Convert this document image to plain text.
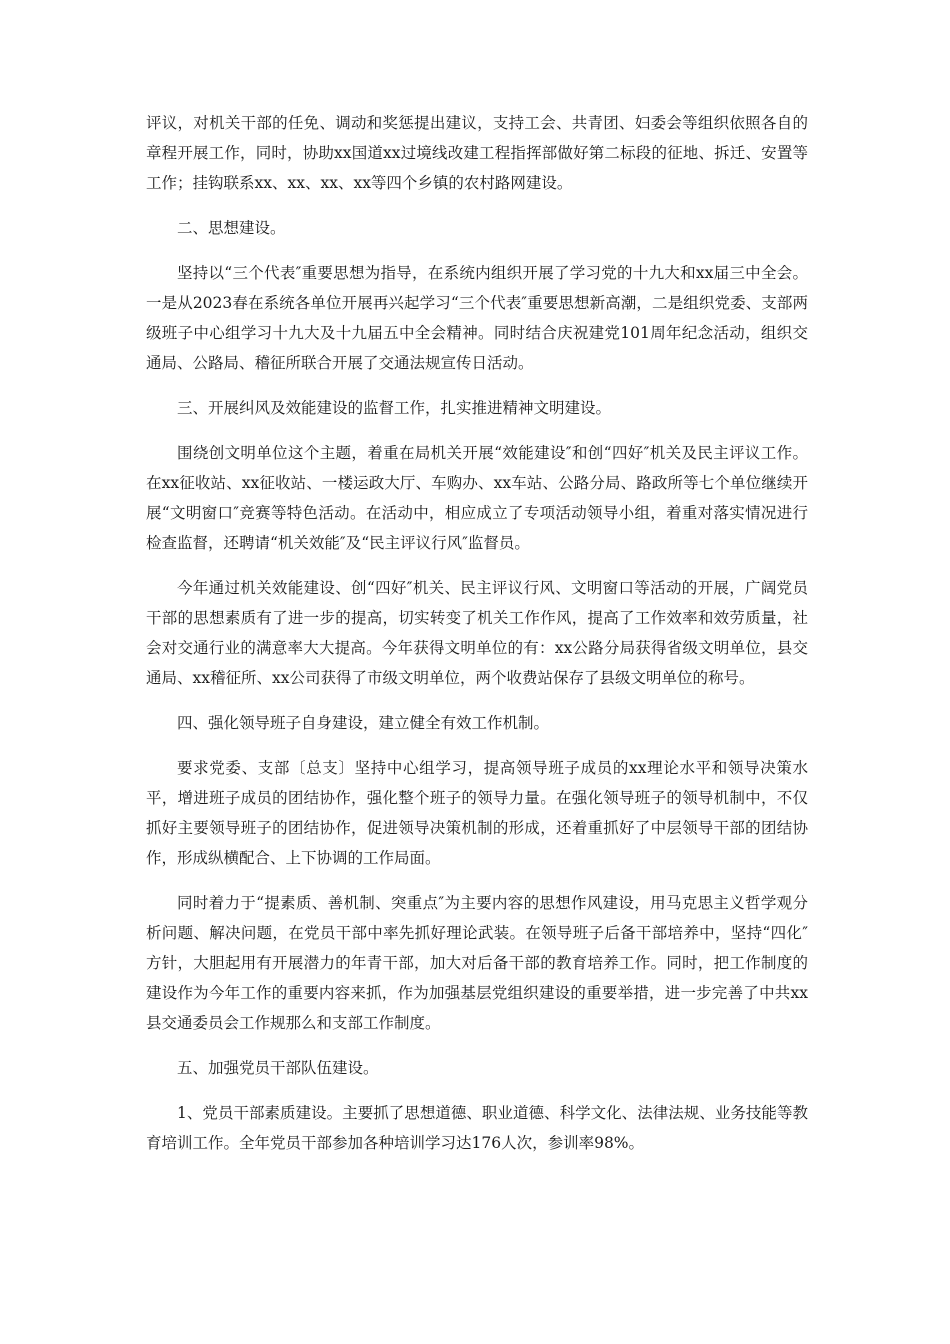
评议，对机关干部的任免、调动和奖惩提出建议，支持工会、共青团、妇委会等组织依照各自的章程开展工作，同时，协助xx国道xx过境线改建工程指挥部做好第二标段的征地、拆迁、安置等工作；挂钩联系xx、xx、xx、xx等四个乡镇的农村路网建设。

二、思想建设。

坚持以“三个代表″重要思想为指导，在系统内组织开展了学习党的十九大和xx届三中全会。一是从2023春在系统各单位开展再兴起学习“三个代表″重要思想新高潮，二是组织党委、支部两级班子中心组学习十九大及十九届五中全会精神。同时结合庆祝建党101周年纪念活动，组织交通局、公路局、稽征所联合开展了交通法规宣传日活动。

三、开展纠风及效能建设的监督工作，扎实推进精神文明建设。

围绕创文明单位这个主题，着重在局机关开展“效能建设″和创“四好″机关及民主评议工作。在xx征收站、xx征收站、一楼运政大厅、车购办、xx车站、公路分局、路政所等七个单位继续开展“文明窗口″竞赛等特色活动。在活动中，相应成立了专项活动领导小组，着重对落实情况进行检查监督，还聘请“机关效能″及“民主评议行风″监督员。

今年通过机关效能建设、创“四好″机关、民主评议行风、文明窗口等活动的开展，广阔党员干部的思想素质有了进一步的提高，切实转变了机关工作作风，提高了工作效率和效劳质量，社会对交通行业的满意率大大提高。今年获得文明单位的有：xx公路分局获得省级文明单位，县交通局、xx稽征所、xx公司获得了市级文明单位，两个收费站保存了县级文明单位的称号。

四、强化领导班子自身建设，建立健全有效工作机制。

要求党委、支部〔总支〕坚持中心组学习，提高领导班子成员的xx理论水平和领导决策水平，增进班子成员的团结协作，强化整个班子的领导力量。在强化领导班子的领导机制中，不仅抓好主要领导班子的团结协作，促进领导决策机制的形成，还着重抓好了中层领导干部的团结协作，形成纵横配合、上下协调的工作局面。

同时着力于“提素质、善机制、突重点″为主要内容的思想作风建设，用马克思主义哲学观分析问题、解决问题，在党员干部中率先抓好理论武装。在领导班子后备干部培养中，坚持“四化″方针，大胆起用有开展潜力的年青干部，加大对后备干部的教育培养工作。同时，把工作制度的建设作为今年工作的重要内容来抓，作为加强基层党组织建设的重要举措，进一步完善了中共xx县交通委员会工作规那么和支部工作制度。

五、加强党员干部队伍建设。

1、党员干部素质建设。主要抓了思想道德、职业道德、科学文化、法律法规、业务技能等教育培训工作。全年党员干部参加各种培训学习达176人次，参训率98%。
